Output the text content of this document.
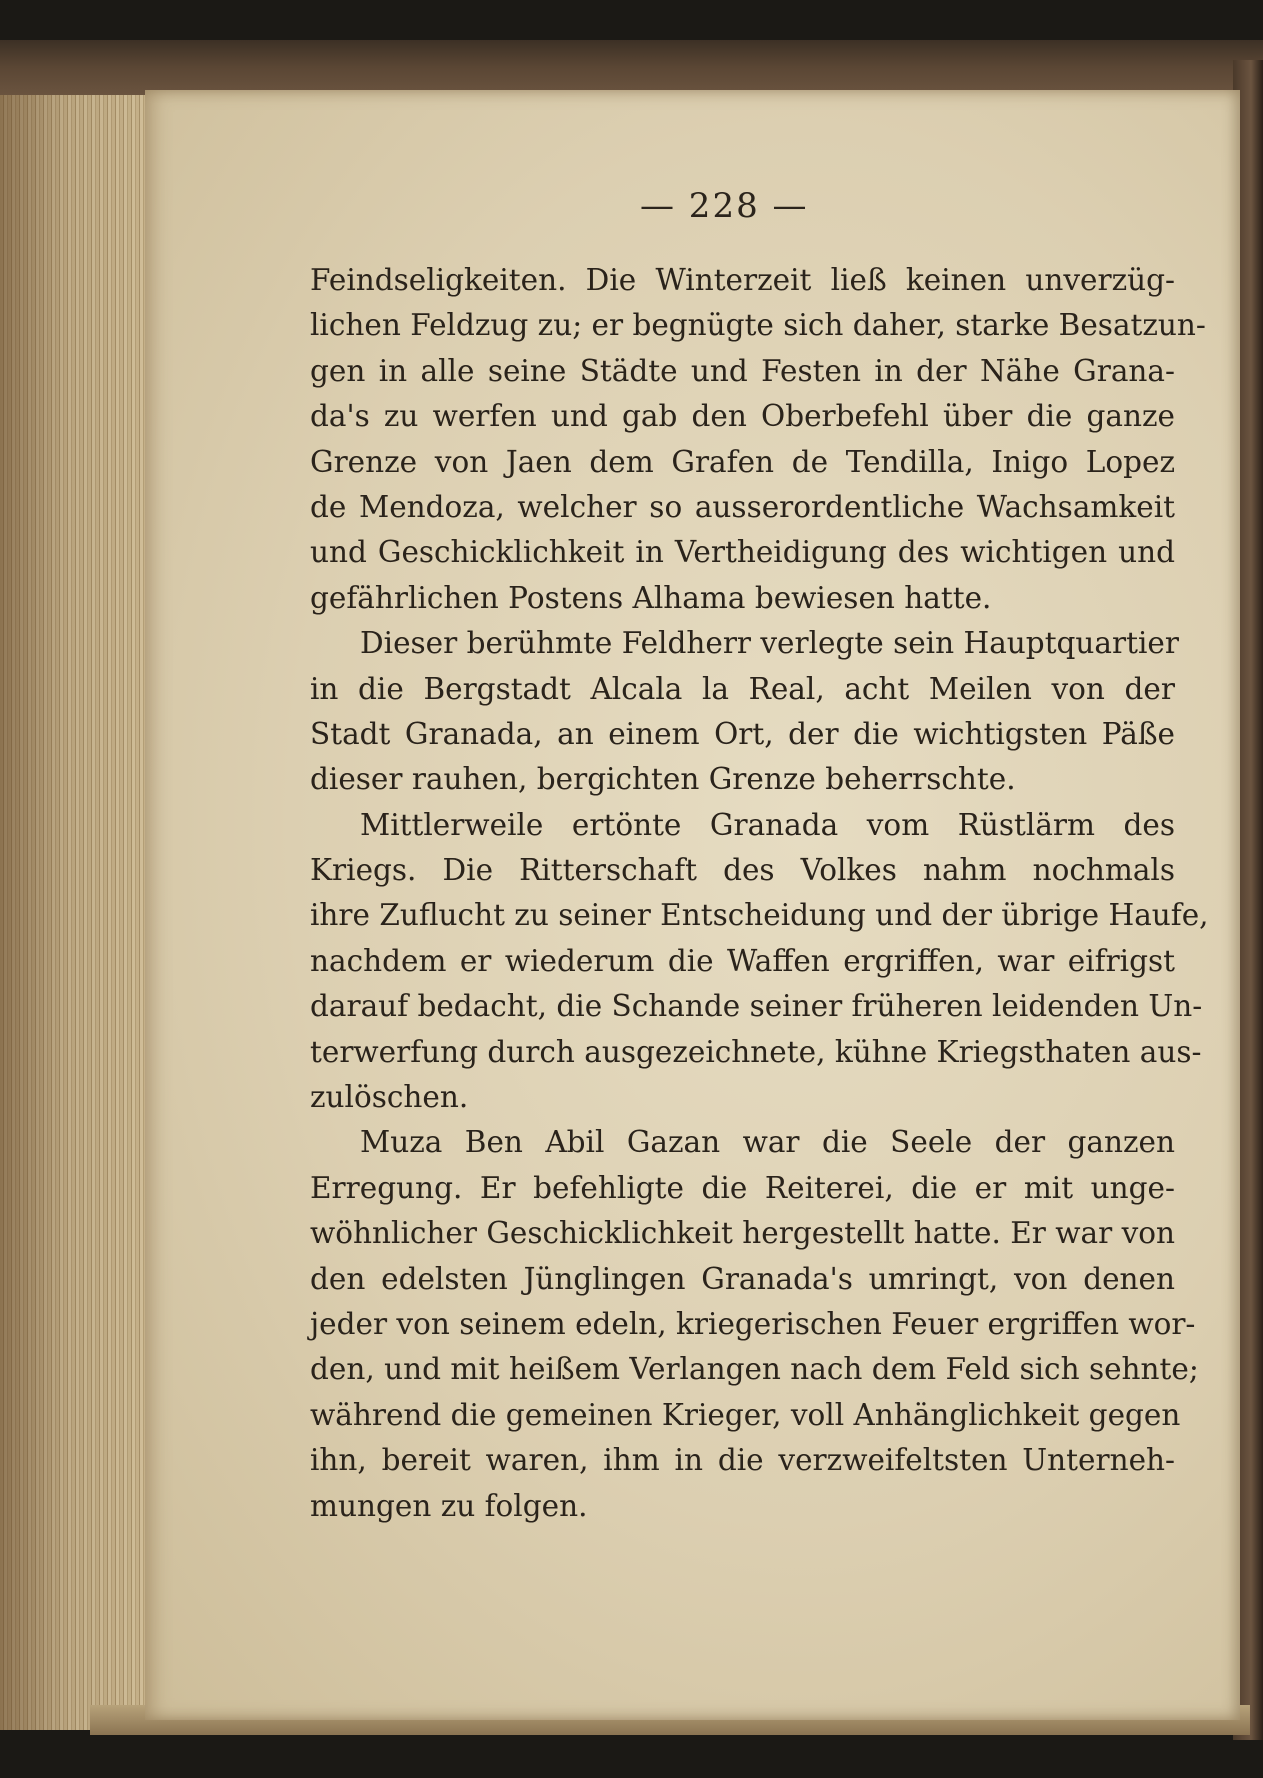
— 228 —
Feindseligkeiten. Die Winterzeit ließ keinen unverzüg-
lichen Feldzug zu; er begnügte sich daher, starke Besatzun-
gen in alle seine Städte und Festen in der Nähe Grana-
da's zu werfen und gab den Oberbefehl über die ganze
Grenze von Jaen dem Grafen de Tendilla, Inigo Lopez
de Mendoza, welcher so ausserordentliche Wachsamkeit
und Geschicklichkeit in Vertheidigung des wichtigen und
gefährlichen Postens Alhama bewiesen hatte.
Dieser berühmte Feldherr verlegte sein Hauptquartier
in die Bergstadt Alcala la Real, acht Meilen von der
Stadt Granada, an einem Ort, der die wichtigsten Päße
dieser rauhen, bergichten Grenze beherrschte.
Mittlerweile ertönte Granada vom Rüstlärm des
Kriegs. Die Ritterschaft des Volkes nahm nochmals
ihre Zuflucht zu seiner Entscheidung und der übrige Haufe,
nachdem er wiederum die Waffen ergriffen, war eifrigst
darauf bedacht, die Schande seiner früheren leidenden Un-
terwerfung durch ausgezeichnete, kühne Kriegsthaten aus-
zulöschen.
Muza Ben Abil Gazan war die Seele der ganzen
Erregung. Er befehligte die Reiterei, die er mit unge-
wöhnlicher Geschicklichkeit hergestellt hatte. Er war von
den edelsten Jünglingen Granada's umringt, von denen
jeder von seinem edeln, kriegerischen Feuer ergriffen wor-
den, und mit heißem Verlangen nach dem Feld sich sehnte;
während die gemeinen Krieger, voll Anhänglichkeit gegen
ihn, bereit waren, ihm in die verzweifeltsten Unterneh-
mungen zu folgen.
